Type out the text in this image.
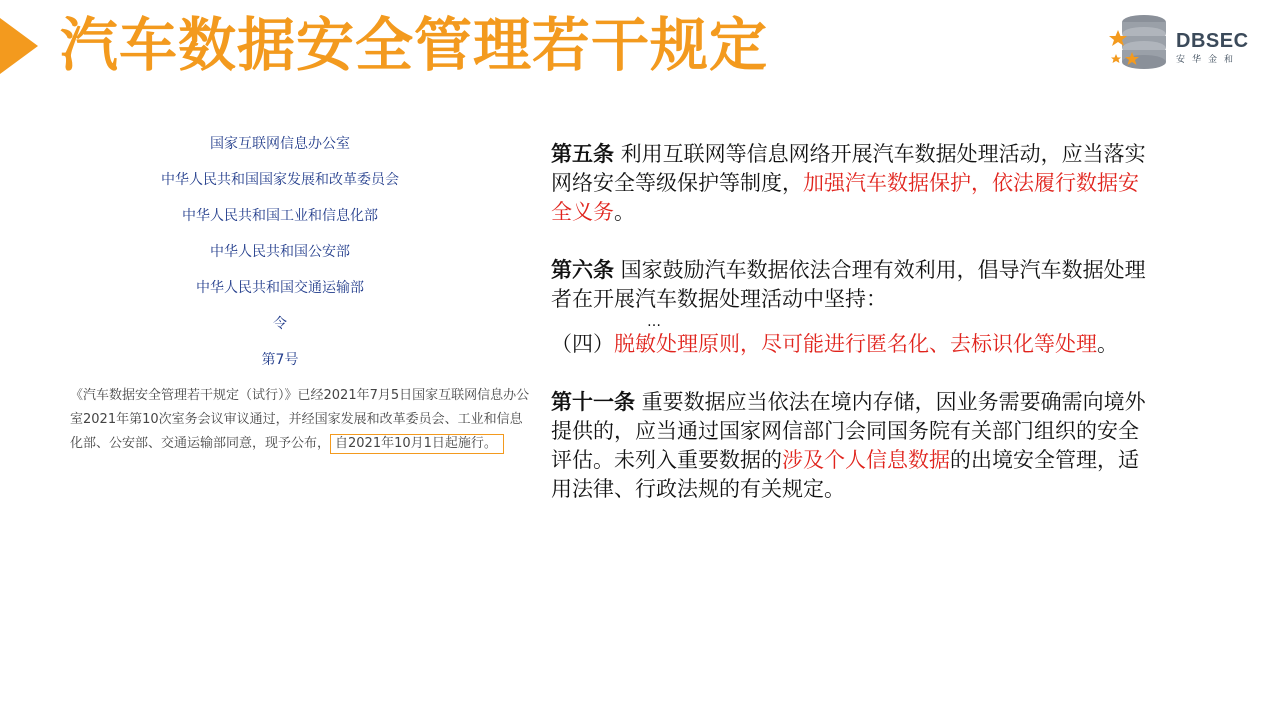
汽车数据安全管理若干规定	DBSEC
安华金和
国家互联网信息办公室
中华人民共和国国家发展和改革委员会
中华人民共和国工业和信息化部
中华人民共和国公安部
中华人民共和国交通运输部
令
第7号
《汽车数据安全管理若干规定（试行）》已经2021年7月5日国家互联网信息办公室2021年第10次室务会议审议通过，并经国家发展和改革委员会、工业和信息化部、公安部、交通运输部同意，现予公布， 自2021年10月1日起施行。

第五条 利用互联网等信息网络开展汽车数据处理活动，应当落实网络安全等级保护等制度，加强汽车数据保护，依法履行数据安全义务。

第六条 国家鼓励汽车数据依法合理有效利用，倡导汽车数据处理者在开展汽车数据处理活动中坚持：

…

（四）脱敏处理原则，尽可能进行匿名化、去标识化等处理。

第十一条 重要数据应当依法在境内存储，因业务需要确需向境外提供的，应当通过国家网信部门会同国务院有关部门组织的安全评估。未列入重要数据的涉及个人信息数据的出境安全管理，适用法律、行政法规的有关规定。
